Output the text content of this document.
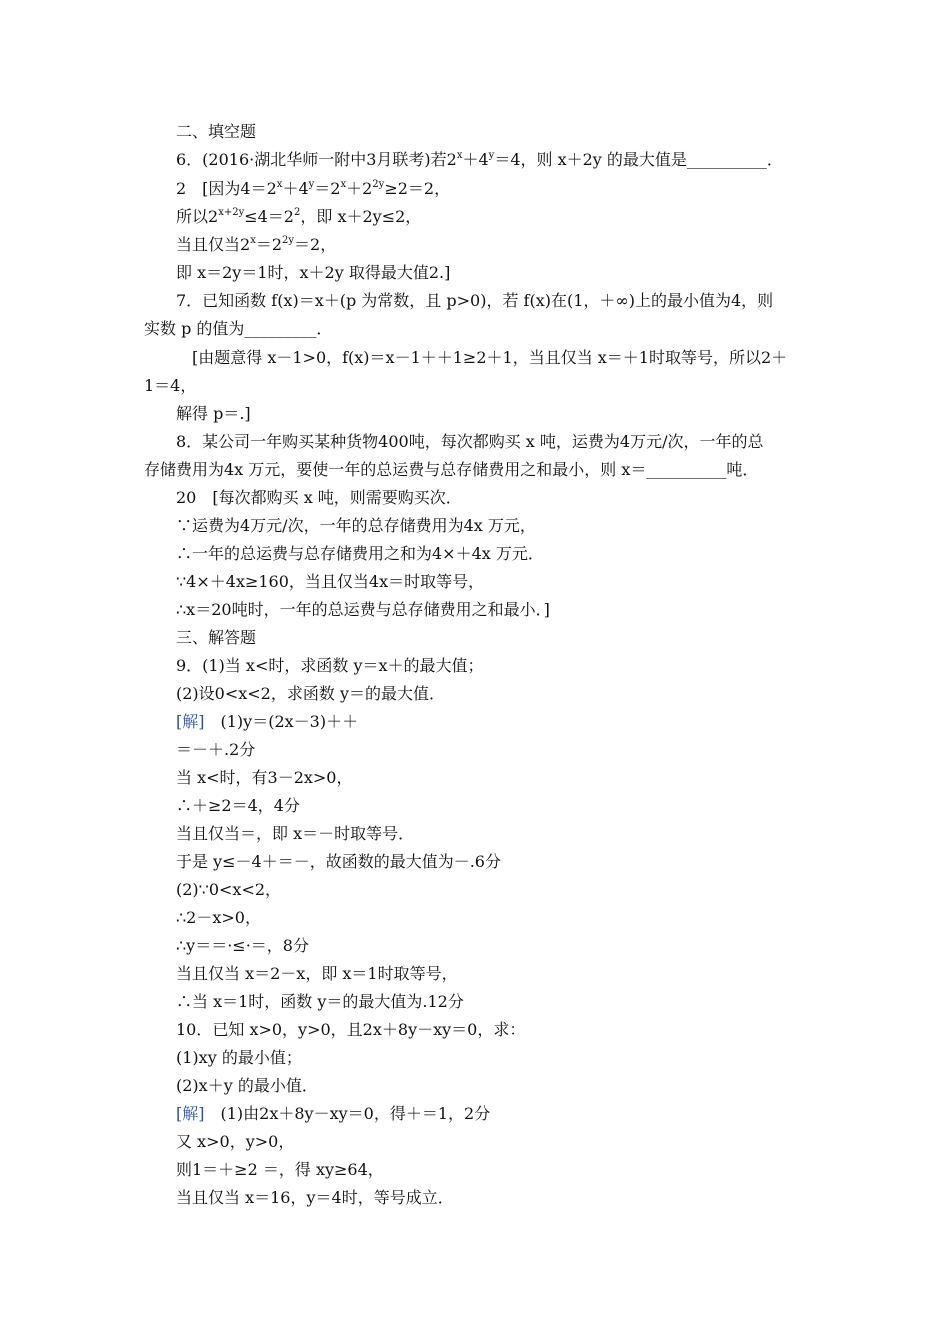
二、填空题
6．(2016·湖北华师一附中3月联考)若$2^x+4^y=4$，则 x＋2y 的最大值是__________．
2　[因为$4=2^x+4^y=2^x+2^{2y}\ge 2=2$，
所以$2^{x+2y}\le 4=2^2$，即 x＋2y≤2，
当且仅当$2^x=2^{2y}=2$，
即 x＝2y＝1时，x＋2y 取得最大值2.]
7．已知函数 f(x)＝x＋(p 为常数，且 p>0)，若 f(x)在(1，＋∞)上的最小值为4，则
实数 p 的值为_________．
[由题意得 x－1>0，f(x)＝x－1＋＋1≥2＋1，当且仅当 x＝＋1时取等号，所以2＋
1＝4，
解得 p＝.]
8．某公司一年购买某种货物400吨，每次都购买 x 吨，运费为4万元/次，一年的总
存储费用为4x 万元，要使一年的总运费与总存储费用之和最小，则 x＝__________吨．
20　[每次都购买 x 吨，则需要购买次．
∵运费为4万元/次，一年的总存储费用为4x 万元，
∴一年的总运费与总存储费用之和为4×＋4x 万元．
∵4×＋4x≥160，当且仅当4x＝时取等号，
∴x＝20吨时，一年的总运费与总存储费用之和最小．]
三、解答题
9．(1)当 x<时，求函数 y＝x＋的最大值；
(2)设0<x<2，求函数 y＝的最大值．
[解]　(1)y＝(2x－3)＋＋
＝－＋.2分
当 x<时，有3－2x>0，
∴＋≥2＝4，4分
当且仅当＝，即 x＝－时取等号．
于是 y≤－4＋＝－，故函数的最大值为－.6分
(2)∵0<x<2，
∴2－x>0，
∴y＝＝·≤·＝，8分
当且仅当 x＝2－x，即 x＝1时取等号，
∴当 x＝1时，函数 y＝的最大值为.12分
10．已知 x>0，y>0，且2x＋8y－xy＝0，求：
(1)xy 的最小值；
(2)x＋y 的最小值．
[解]　(1)由2x＋8y－xy＝0，得＋＝1，2分
又 x>0，y>0，
则1＝＋≥2 ＝，得 xy≥64，
当且仅当 x＝16，y＝4时，等号成立．
